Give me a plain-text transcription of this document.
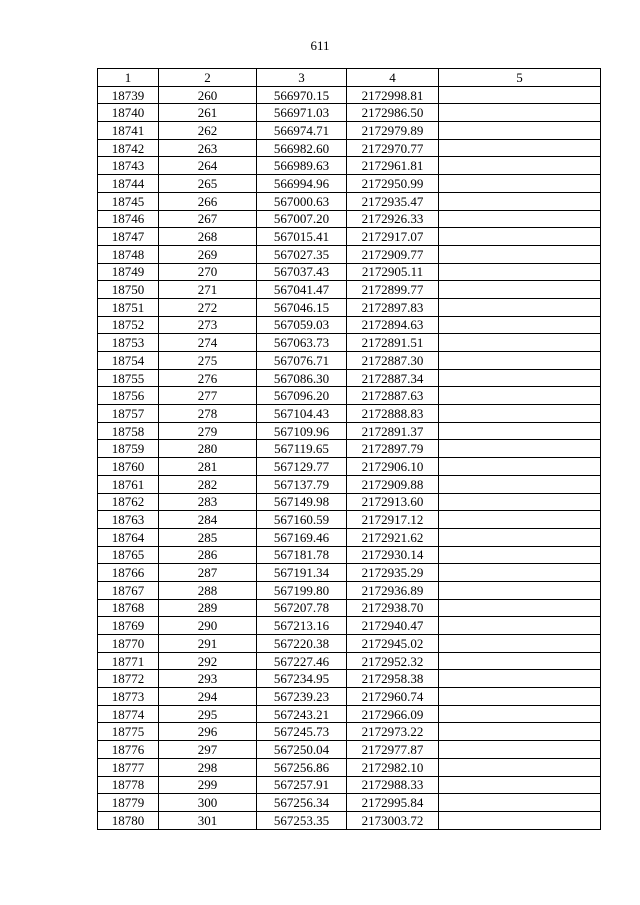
611
1	2	3	4	5
18739	260	566970.15	2172998.81	
18740	261	566971.03	2172986.50	
18741	262	566974.71	2172979.89	
18742	263	566982.60	2172970.77	
18743	264	566989.63	2172961.81	
18744	265	566994.96	2172950.99	
18745	266	567000.63	2172935.47	
18746	267	567007.20	2172926.33	
18747	268	567015.41	2172917.07	
18748	269	567027.35	2172909.77	
18749	270	567037.43	2172905.11	
18750	271	567041.47	2172899.77	
18751	272	567046.15	2172897.83	
18752	273	567059.03	2172894.63	
18753	274	567063.73	2172891.51	
18754	275	567076.71	2172887.30	
18755	276	567086.30	2172887.34	
18756	277	567096.20	2172887.63	
18757	278	567104.43	2172888.83	
18758	279	567109.96	2172891.37	
18759	280	567119.65	2172897.79	
18760	281	567129.77	2172906.10	
18761	282	567137.79	2172909.88	
18762	283	567149.98	2172913.60	
18763	284	567160.59	2172917.12	
18764	285	567169.46	2172921.62	
18765	286	567181.78	2172930.14	
18766	287	567191.34	2172935.29	
18767	288	567199.80	2172936.89	
18768	289	567207.78	2172938.70	
18769	290	567213.16	2172940.47	
18770	291	567220.38	2172945.02	
18771	292	567227.46	2172952.32	
18772	293	567234.95	2172958.38	
18773	294	567239.23	2172960.74	
18774	295	567243.21	2172966.09	
18775	296	567245.73	2172973.22	
18776	297	567250.04	2172977.87	
18777	298	567256.86	2172982.10	
18778	299	567257.91	2172988.33	
18779	300	567256.34	2172995.84	
18780	301	567253.35	2173003.72	
